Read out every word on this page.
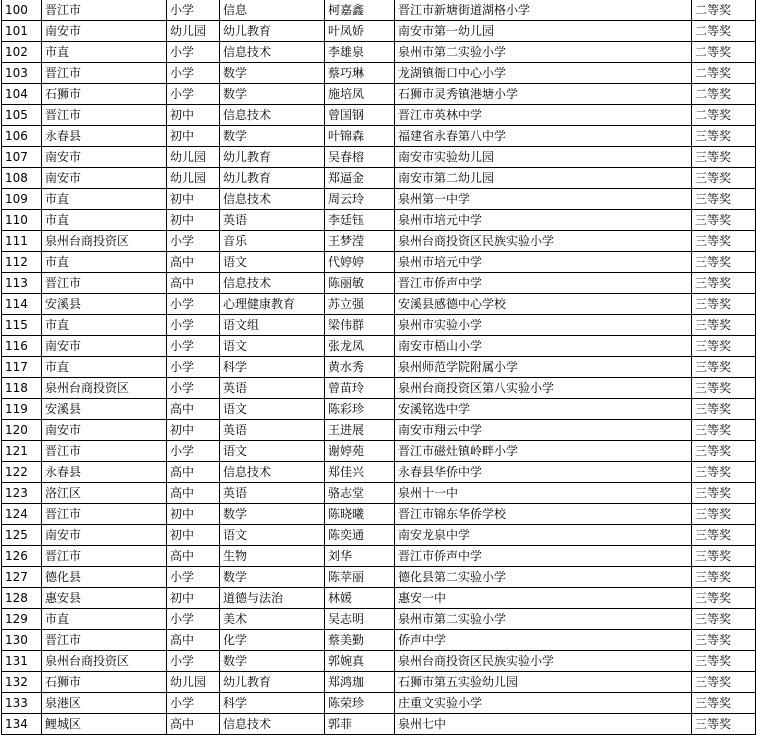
100	晋江市	小学	信息	柯嘉鑫	晋江市新塘街道湖格小学	二等奖
101	南安市	幼儿园	幼儿教育	叶凤娇	南安市第一幼儿园	二等奖
102	市直	小学	信息技术	李雄泉	泉州市第二实验小学	二等奖
103	晋江市	小学	数学	蔡巧琳	龙湖镇衙口中心小学	二等奖
104	石狮市	小学	数学	施培凤	石狮市灵秀镇港塘小学	二等奖
105	晋江市	初中	信息技术	曾国钢	晋江市英林中学	二等奖
106	永春县	初中	数学	叶锦森	福建省永春第八中学	三等奖
107	南安市	幼儿园	幼儿教育	吴春榕	南安市实验幼儿园	三等奖
108	南安市	幼儿园	幼儿教育	郑逼金	南安市第二幼儿园	三等奖
109	市直	初中	信息技术	周云玲	泉州第一中学	三等奖
110	市直	初中	英语	李廷钰	泉州市培元中学	三等奖
111	泉州台商投资区	小学	音乐	王梦滢	泉州台商投资区民族实验小学	三等奖
112	市直	高中	语文	代婷婷	泉州市培元中学	三等奖
113	晋江市	高中	信息技术	陈丽敏	晋江市侨声中学	三等奖
114	安溪县	小学	心理健康教育	苏立强	安溪县感德中心学校	三等奖
115	市直	小学	语文组	梁伟群	泉州市实验小学	三等奖
116	南安市	小学	语文	张龙凤	南安市梧山小学	三等奖
117	市直	小学	科学	黄水秀	泉州师范学院附属小学	三等奖
118	泉州台商投资区	小学	英语	曾苗玲	泉州台商投资区第八实验小学	三等奖
119	安溪县	高中	语文	陈彩珍	安溪铭选中学	三等奖
120	南安市	初中	英语	王进展	南安市翔云中学	三等奖
121	晋江市	小学	语文	谢婷苑	晋江市磁灶镇岭畔小学	三等奖
122	永春县	高中	信息技术	郑佳兴	永春县华侨中学	三等奖
123	洛江区	高中	英语	骆志堂	泉州十一中	三等奖
124	晋江市	初中	数学	陈晓曦	晋江市锦东华侨学校	三等奖
125	南安市	初中	语文	陈奕通	南安龙泉中学	三等奖
126	晋江市	高中	生物	刘华	晋江市侨声中学	三等奖
127	德化县	小学	数学	陈苹丽	德化县第二实验小学	三等奖
128	惠安县	初中	道德与法治	林媛	惠安一中	三等奖
129	市直	小学	美术	吴志明	泉州市第二实验小学	三等奖
130	晋江市	高中	化学	蔡美勤	侨声中学	三等奖
131	泉州台商投资区	小学	数学	郭婉真	泉州台商投资区民族实验小学	三等奖
132	石狮市	幼儿园	幼儿教育	郑鸿珈	石狮市第五实验幼儿园	三等奖
133	泉港区	小学	科学	陈荣珍	庄重文实验小学	三等奖
134	鲤城区	高中	信息技术	郭菲	泉州七中	三等奖
